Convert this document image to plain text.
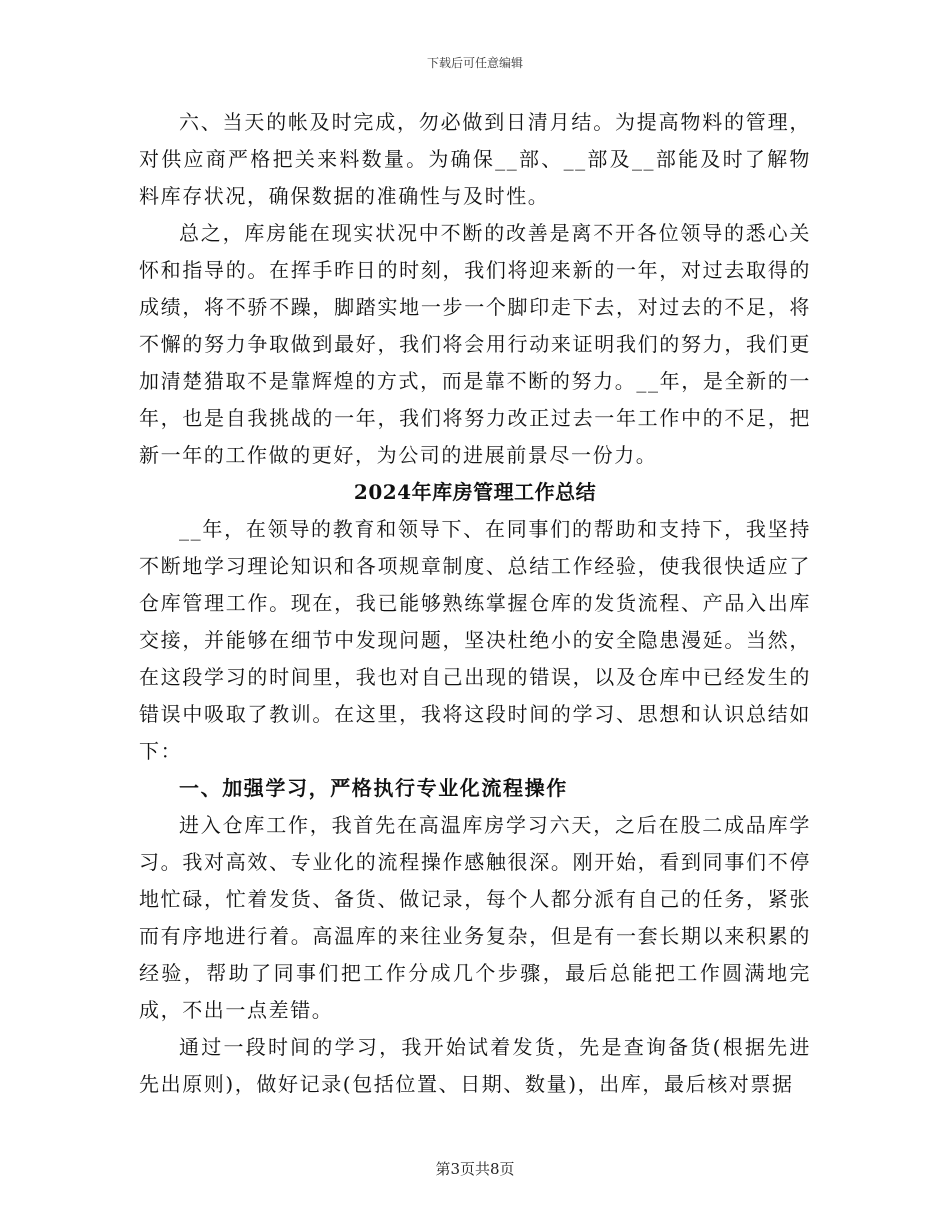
下载后可任意编辑

六、当天的帐及时完成，勿必做到日清月结。为提高物料的管理，对供应商严格把关来料数量。为确保__部、__部及__部能及时了解物料库存状况，确保数据的准确性与及时性。

总之，库房能在现实状况中不断的改善是离不开各位领导的悉心关怀和指导的。在挥手昨日的时刻，我们将迎来新的一年，对过去取得的成绩，将不骄不躁，脚踏实地一步一个脚印走下去，对过去的不足，将不懈的努力争取做到最好，我们将会用行动来证明我们的努力，我们更加清楚猎取不是靠辉煌的方式，而是靠不断的努力。__年，是全新的一年，也是自我挑战的一年，我们将努力改正过去一年工作中的不足，把新一年的工作做的更好，为公司的进展前景尽一份力。

2024年库房管理工作总结

__年，在领导的教育和领导下、在同事们的帮助和支持下，我坚持不断地学习理论知识和各项规章制度、总结工作经验，使我很快适应了仓库管理工作。现在，我已能够熟练掌握仓库的发货流程、产品入出库交接，并能够在细节中发现问题，坚决杜绝小的安全隐患漫延。当然，在这段学习的时间里，我也对自己出现的错误，以及仓库中已经发生的错误中吸取了教训。在这里，我将这段时间的学习、思想和认识总结如下：

一、加强学习，严格执行专业化流程操作

进入仓库工作，我首先在高温库房学习六天，之后在股二成品库学习。我对高效、专业化的流程操作感触很深。刚开始，看到同事们不停地忙碌，忙着发货、备货、做记录，每个人都分派有自己的任务，紧张而有序地进行着。高温库的来往业务复杂，但是有一套长期以来积累的经验，帮助了同事们把工作分成几个步骤，最后总能把工作圆满地完成，不出一点差错。

通过一段时间的学习，我开始试着发货，先是查询备货(根据先进先出原则)，做好记录(包括位置、日期、数量)，出库，最后核对票据

第3页共8页
